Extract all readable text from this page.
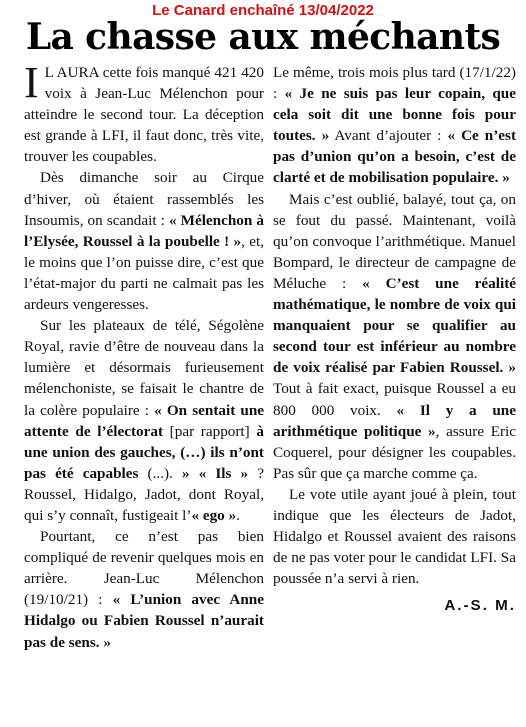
Le Canard enchaîné 13/04/2022
La chasse aux méchants

I L AURA cette fois manqué 421 420 voix à Jean-Luc Mélenchon pour atteindre le second tour. La déception est grande à LFI, il faut donc, très vite, trouver les coupables.

Dès dimanche soir au Cirque d’hiver, où étaient rassemblés les Insoumis, on scandait : « Mélenchon à l’Elysée, Roussel à la poubelle ! », et, le moins que l’on puisse dire, c’est que l’état-major du parti ne calmait pas les ardeurs vengeresses.

Sur les plateaux de télé, Ségolène Royal, ravie d’être de nouveau dans la lumière et désormais furieusement mélenchoniste, se faisait le chantre de la colère populaire : « On sentait une attente de l’électorat [par rapport] à une union des gauches, (…) ils n’ont pas été capables (...). » « Ils » ? Roussel, Hidalgo, Jadot, dont Royal, qui s’y connaît, fustigeait l’« ego ».

Pourtant, ce n’est pas bien compliqué de revenir quelques mois en arrière. Jean-Luc Mélenchon (19/10/21) : « L’union avec Anne Hidalgo ou Fabien Roussel n’aurait pas de sens. »

Le même, trois mois plus tard (17/1/22) : « Je ne suis pas leur copain, que cela soit dit une bonne fois pour toutes. » Avant d’ajouter : « Ce n’est pas d’union qu’on a besoin, c’est de clarté et de mobilisation populaire. »

Mais c’est oublié, balayé, tout ça, on se fout du passé. Maintenant, voilà qu’on convoque l’arithmétique. Manuel Bompard, le directeur de campagne de Méluche : « C’est une réalité mathématique, le nombre de voix qui manquaient pour se qualifier au second tour est inférieur au nombre de voix réalisé par Fabien Roussel. » Tout à fait exact, puisque Roussel a eu 800 000 voix. « Il y a une arithmétique politique », assure Eric Coquerel, pour désigner les coupables. Pas sûr que ça marche comme ça.

Le vote utile ayant joué à plein, tout indique que les électeurs de Jadot, Hidalgo et Roussel avaient des raisons de ne pas voter pour le candidat LFI. Sa poussée n’a servi à rien.

A.-S. M.
